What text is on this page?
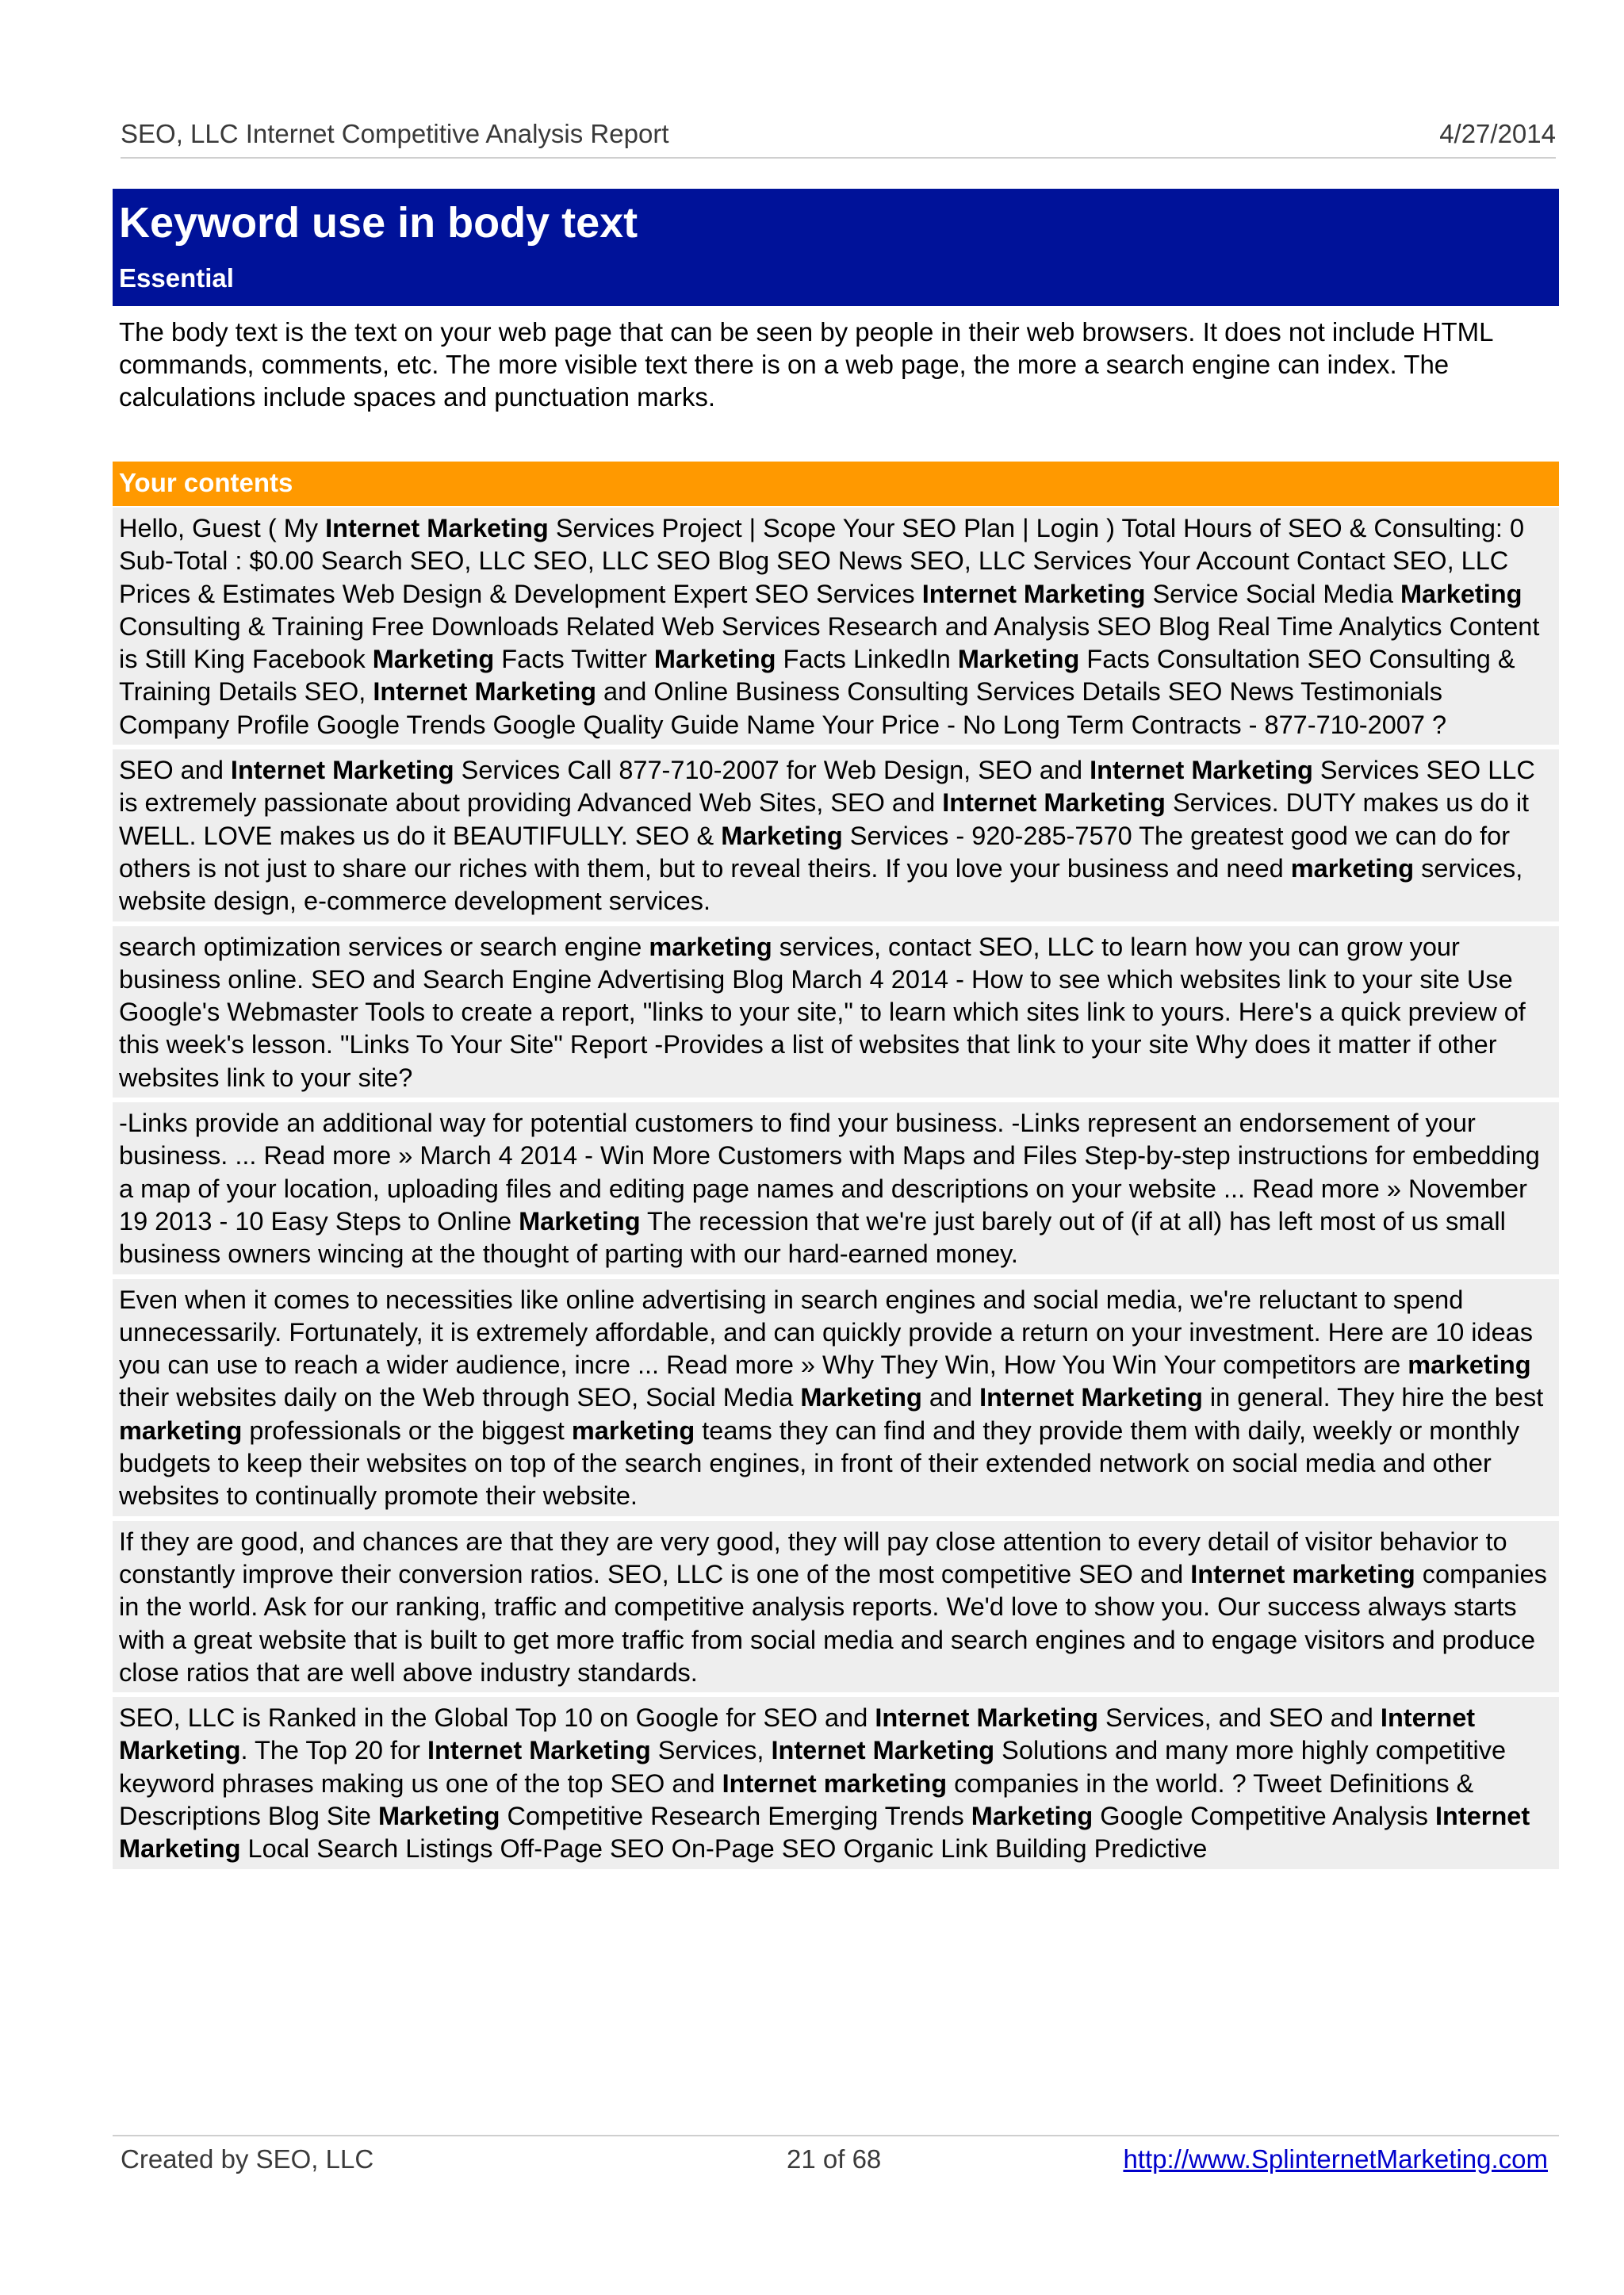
SEO, LLC Internet Competitive Analysis Report	4/27/2014
Keyword use in body text
Essential
The body text is the text on your web page that can be seen by people in their web browsers. It does not include HTML commands, comments, etc. The more visible text there is on a web page, the more a search engine can index. The calculations include spaces and punctuation marks.
Your contents

Hello, Guest ( My Internet Marketing Services Project | Scope Your SEO Plan | Login ) Total Hours of SEO & Consulting: 0 Sub-Total : $0.00 Search SEO, LLC SEO, LLC SEO Blog SEO News SEO, LLC Services Your Account Contact SEO, LLC Prices & Estimates Web Design & Development Expert SEO Services Internet Marketing Service Social Media Marketing Consulting & Training Free Downloads Related Web Services Research and Analysis SEO Blog Real Time Analytics Content is Still King Facebook Marketing Facts Twitter Marketing Facts LinkedIn Marketing Facts Consultation SEO Consulting & Training Details SEO, Internet Marketing and Online Business Consulting Services Details SEO News Testimonials Company Profile Google Trends Google Quality Guide Name Your Price - No Long Term Contracts - 877-710-2007 ?

SEO and Internet Marketing Services Call 877-710-2007 for Web Design, SEO and Internet Marketing Services SEO LLC is extremely passionate about providing Advanced Web Sites, SEO and Internet Marketing Services. DUTY makes us do it WELL. LOVE makes us do it BEAUTIFULLY. SEO & Marketing Services - 920-285-7570 The greatest good we can do for others is not just to share our riches with them, but to reveal theirs. If you love your business and need marketing services, website design, e-commerce development services.

search optimization services or search engine marketing services, contact SEO, LLC to learn how you can grow your business online. SEO and Search Engine Advertising Blog March 4 2014 - How to see which websites link to your site Use Google's Webmaster Tools to create a report, "links to your site," to learn which sites link to yours. Here's a quick preview of this week's lesson. "Links To Your Site" Report -Provides a list of websites that link to your site Why does it matter if other websites link to your site?

-Links provide an additional way for potential customers to find your business. -Links represent an endorsement of your business. ... Read more » March 4 2014 - Win More Customers with Maps and Files Step-by-step instructions for embedding a map of your location, uploading files and editing page names and descriptions on your website ... Read more » November 19 2013 - 10 Easy Steps to Online Marketing The recession that we're just barely out of (if at all) has left most of us small business owners wincing at the thought of parting with our hard-earned money.

Even when it comes to necessities like online advertising in search engines and social media, we're reluctant to spend unnecessarily. Fortunately, it is extremely affordable, and can quickly provide a return on your investment. Here are 10 ideas you can use to reach a wider audience, incre ... Read more » Why They Win, How You Win Your competitors are marketing their websites daily on the Web through SEO, Social Media Marketing and Internet Marketing in general. They hire the best marketing professionals or the biggest marketing teams they can find and they provide them with daily, weekly or monthly budgets to keep their websites on top of the search engines, in front of their extended network on social media and other websites to continually promote their website.

If they are good, and chances are that they are very good, they will pay close attention to every detail of visitor behavior to constantly improve their conversion ratios. SEO, LLC is one of the most competitive SEO and Internet marketing companies in the world. Ask for our ranking, traffic and competitive analysis reports. We'd love to show you. Our success always starts with a great website that is built to get more traffic from social media and search engines and to engage visitors and produce close ratios that are well above industry standards.

SEO, LLC is Ranked in the Global Top 10 on Google for SEO and Internet Marketing Services, and SEO and Internet Marketing. The Top 20 for Internet Marketing Services, Internet Marketing Solutions and many more highly competitive keyword phrases making us one of the top SEO and Internet marketing companies in the world. ? Tweet Definitions & Descriptions Blog Site Marketing Competitive Research Emerging Trends Marketing Google Competitive Analysis Internet Marketing Local Search Listings Off-Page SEO On-Page SEO Organic Link Building Predictive

Created by SEO, LLC	21 of 68	http://www.SplinternetMarketing.com
